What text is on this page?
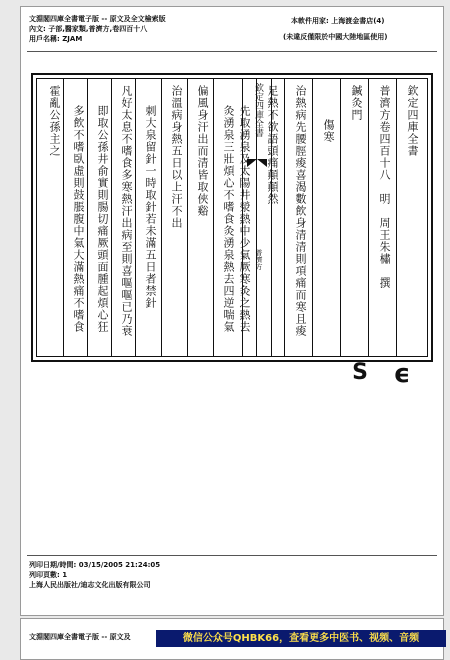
文淵閣四庫全書電子版 -- 原文及全文檢索版
內文: 子部,醫家類,普濟方,卷四百十八
用戶名稱: ZJAM
本軟件用家: 上海渡金書店(4)
(未違反僅限於中國大陸地區使用)
欽定四庫全書
普濟方卷四百十八　明　周王朱橚　撰
鍼灸門
傷寒
治熱病先腰脛痠喜渴數飲身清清則項痛而寒且痠
足熱不欲語頭痛顛顛然
先取湧泉及太陽井滎熱中少氣厥寒灸之熱去 欽定四庫全書
普濟方
灸湧泉三壯煩心不嗜食灸湧泉熱去四逆喘氣
偏風身汗出而清皆取俠谿
治溫病身熱五日以上汗不出
刺大泉留針一時取針若未滿五日者禁針
凡好太息不嗜食多寒熱汗出病至則喜嘔嘔已乃衰
即取公孫井俞實則腸切痛厥頭面腫起煩心狂
多飲不嗜臥虛則鼓脹腹中氣大滿熱痛不嗜食
霍亂公孫主之
S ϵ
列印日期/時間: 03/15/2005 21:24:05
列印頁數: 1
上海人民出版社/迪志文化出版有限公司
文淵閣四庫全書電子版 -- 原文及	微信公众号QHBK66，查看更多中医书、视频、音频
